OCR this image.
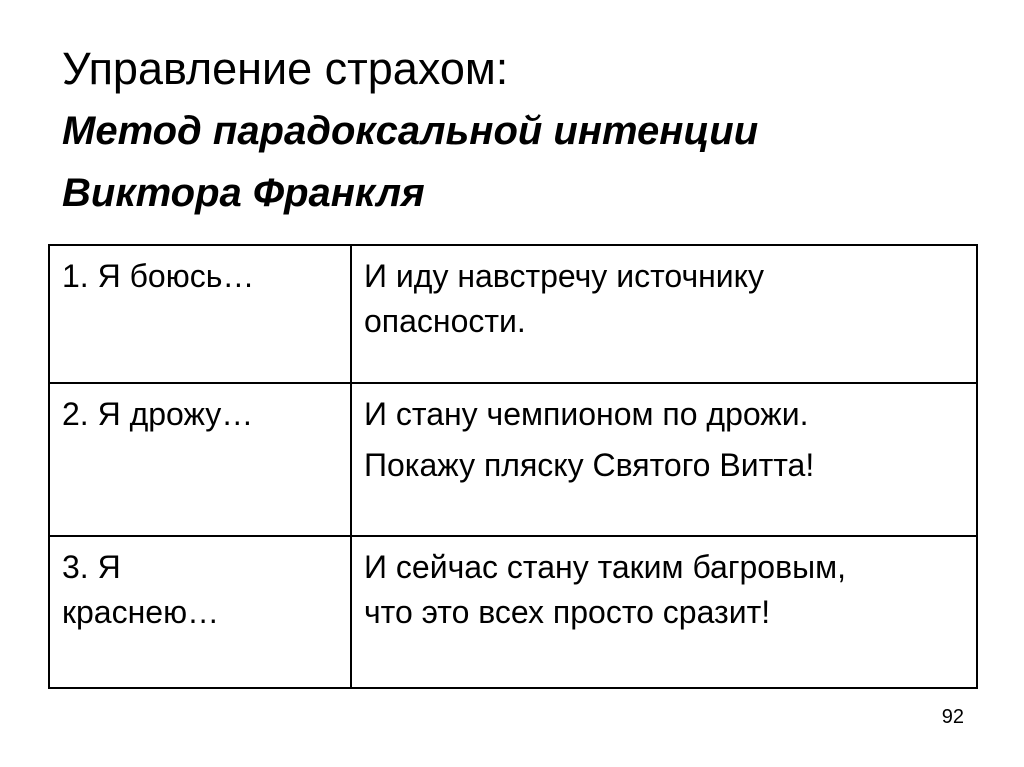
Управление страхом:
Метод парадоксальной интенции
Виктора Франкля
1. Я боюсь…	И иду навстречу источнику
опасности.
2. Я дрожу…	И стану чемпионом по дрожи.
Покажу пляску Святого Витта!

3. Я
краснею…	И сейчас стану таким багровым,
что это всех просто сразит!
92
